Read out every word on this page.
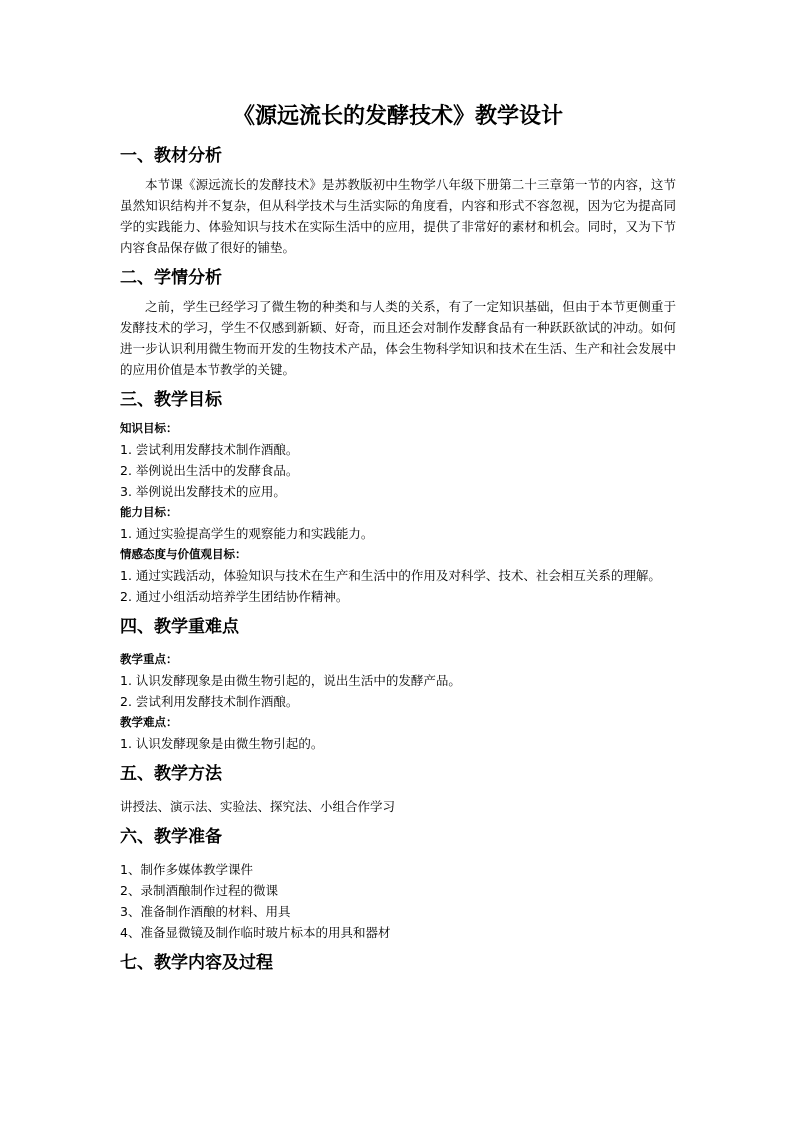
《源远流长的发酵技术》教学设计
一、教材分析

本节课《源远流长的发酵技术》是苏教版初中生物学八年级下册第二十三章第一节的内容，这节虽然知识结构并不复杂，但从科学技术与生活实际的角度看，内容和形式不容忽视，因为它为提高同学的实践能力、体验知识与技术在实际生活中的应用，提供了非常好的素材和机会。同时，又为下节内容食品保存做了很好的铺垫。

二、学情分析

之前，学生已经学习了微生物的种类和与人类的关系，有了一定知识基础，但由于本节更侧重于发酵技术的学习，学生不仅感到新颖、好奇，而且还会对制作发酵食品有一种跃跃欲试的冲动。如何进一步认识利用微生物而开发的生物技术产品，体会生物科学知识和技术在生活、生产和社会发展中的应用价值是本节教学的关键。

三、教学目标

知识目标：

1. 尝试利用发酵技术制作酒酿。

2. 举例说出生活中的发酵食品。

3. 举例说出发酵技术的应用。

能力目标：

1. 通过实验提高学生的观察能力和实践能力。

情感态度与价值观目标：

1. 通过实践活动，体验知识与技术在生产和生活中的作用及对科学、技术、社会相互关系的理解。

2. 通过小组活动培养学生团结协作精神。

四、教学重难点

教学重点：

1. 认识发酵现象是由微生物引起的，说出生活中的发酵产品。

2. 尝试利用发酵技术制作酒酿。

教学难点：

1. 认识发酵现象是由微生物引起的。

五、教学方法

讲授法、演示法、实验法、探究法、小组合作学习

六、教学准备

1、制作多媒体教学课件

2、录制酒酿制作过程的微课

3、准备制作酒酿的材料、用具

4、准备显微镜及制作临时玻片标本的用具和器材

七、教学内容及过程
